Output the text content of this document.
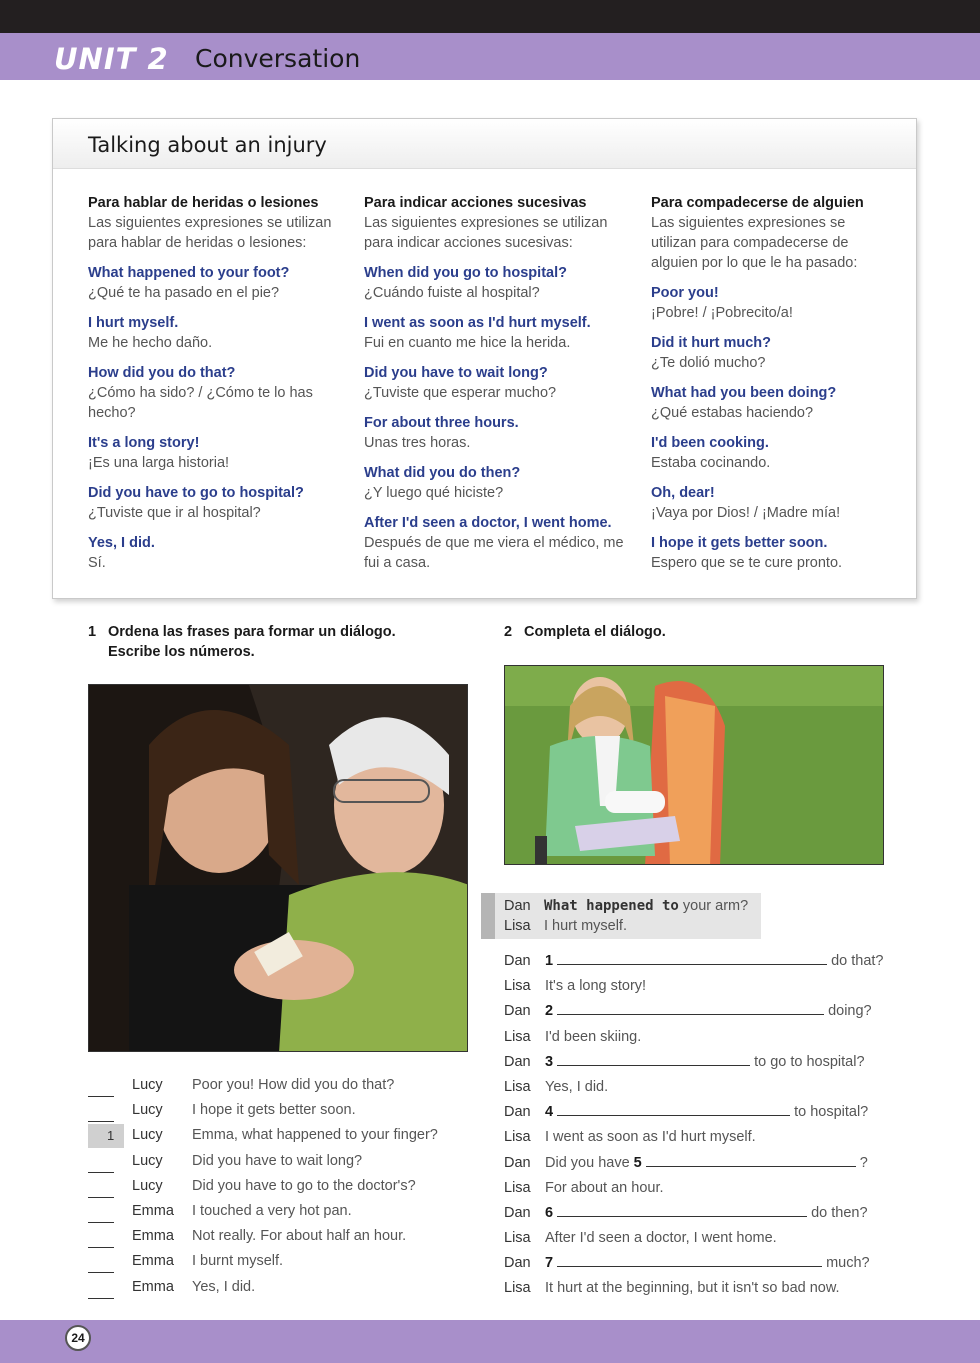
UNIT 2 Conversation
Talking about an injury
Para hablar de heridas o lesiones
Las siguientes expresiones se utilizan para hablar de heridas o lesiones:
What happened to your foot?
¿Qué te ha pasado en el pie?
I hurt myself.
Me he hecho daño.
How did you do that?
¿Cómo ha sido? / ¿Cómo te lo has hecho?
It's a long story!
¡Es una larga historia!
Did you have to go to hospital?
¿Tuviste que ir al hospital?
Yes, I did.
Sí.
Para indicar acciones sucesivas
Las siguientes expresiones se utilizan para indicar acciones sucesivas:
When did you go to hospital?
¿Cuándo fuiste al hospital?
I went as soon as I'd hurt myself.
Fui en cuanto me hice la herida.
Did you have to wait long?
¿Tuviste que esperar mucho?
For about three hours.
Unas tres horas.
What did you do then?
¿Y luego qué hiciste?
After I'd seen a doctor, I went home.
Después de que me viera el médico, me fui a casa.
Para compadecerse de alguien
Las siguientes expresiones se utilizan para compadecerse de alguien por lo que le ha pasado:
Poor you!
¡Pobre! / ¡Pobrecito/a!
Did it hurt much?
¿Te dolió mucho?
What had you been doing?
¿Qué estabas haciendo?
I'd been cooking.
Estaba cocinando.
Oh, dear!
¡Vaya por Dios! / ¡Madre mía!
I hope it gets better soon.
Espero que se te cure pronto.
1 Ordena las frases para formar un diálogo.
Escribe los números.
2 Completa el diálogo.
Lucy Poor you! How did you do that?
Lucy I hope it gets better soon.
1 Lucy Emma, what happened to your finger?
Lucy Did you have to wait long?
Lucy Did you have to go to the doctor's?
Emma I touched a very hot pan.
Emma Not really. For about half an hour.
Emma I burnt myself.
Emma Yes, I did.
Dan What happened to your arm?
Lisa I hurt myself.
Dan 1	do that?
Lisa It's a long story!
Dan 2	doing?
Lisa I'd been skiing.
Dan 3	to go to hospital?
Lisa Yes, I did.
Dan 4	to hospital?
Lisa I went as soon as I'd hurt myself.
Dan Did you have 5	?
Lisa For about an hour.
Dan 6	do then?
Lisa After I'd seen a doctor, I went home.
Dan 7	much?
Lisa It hurt at the beginning, but it isn't so bad now.
24
